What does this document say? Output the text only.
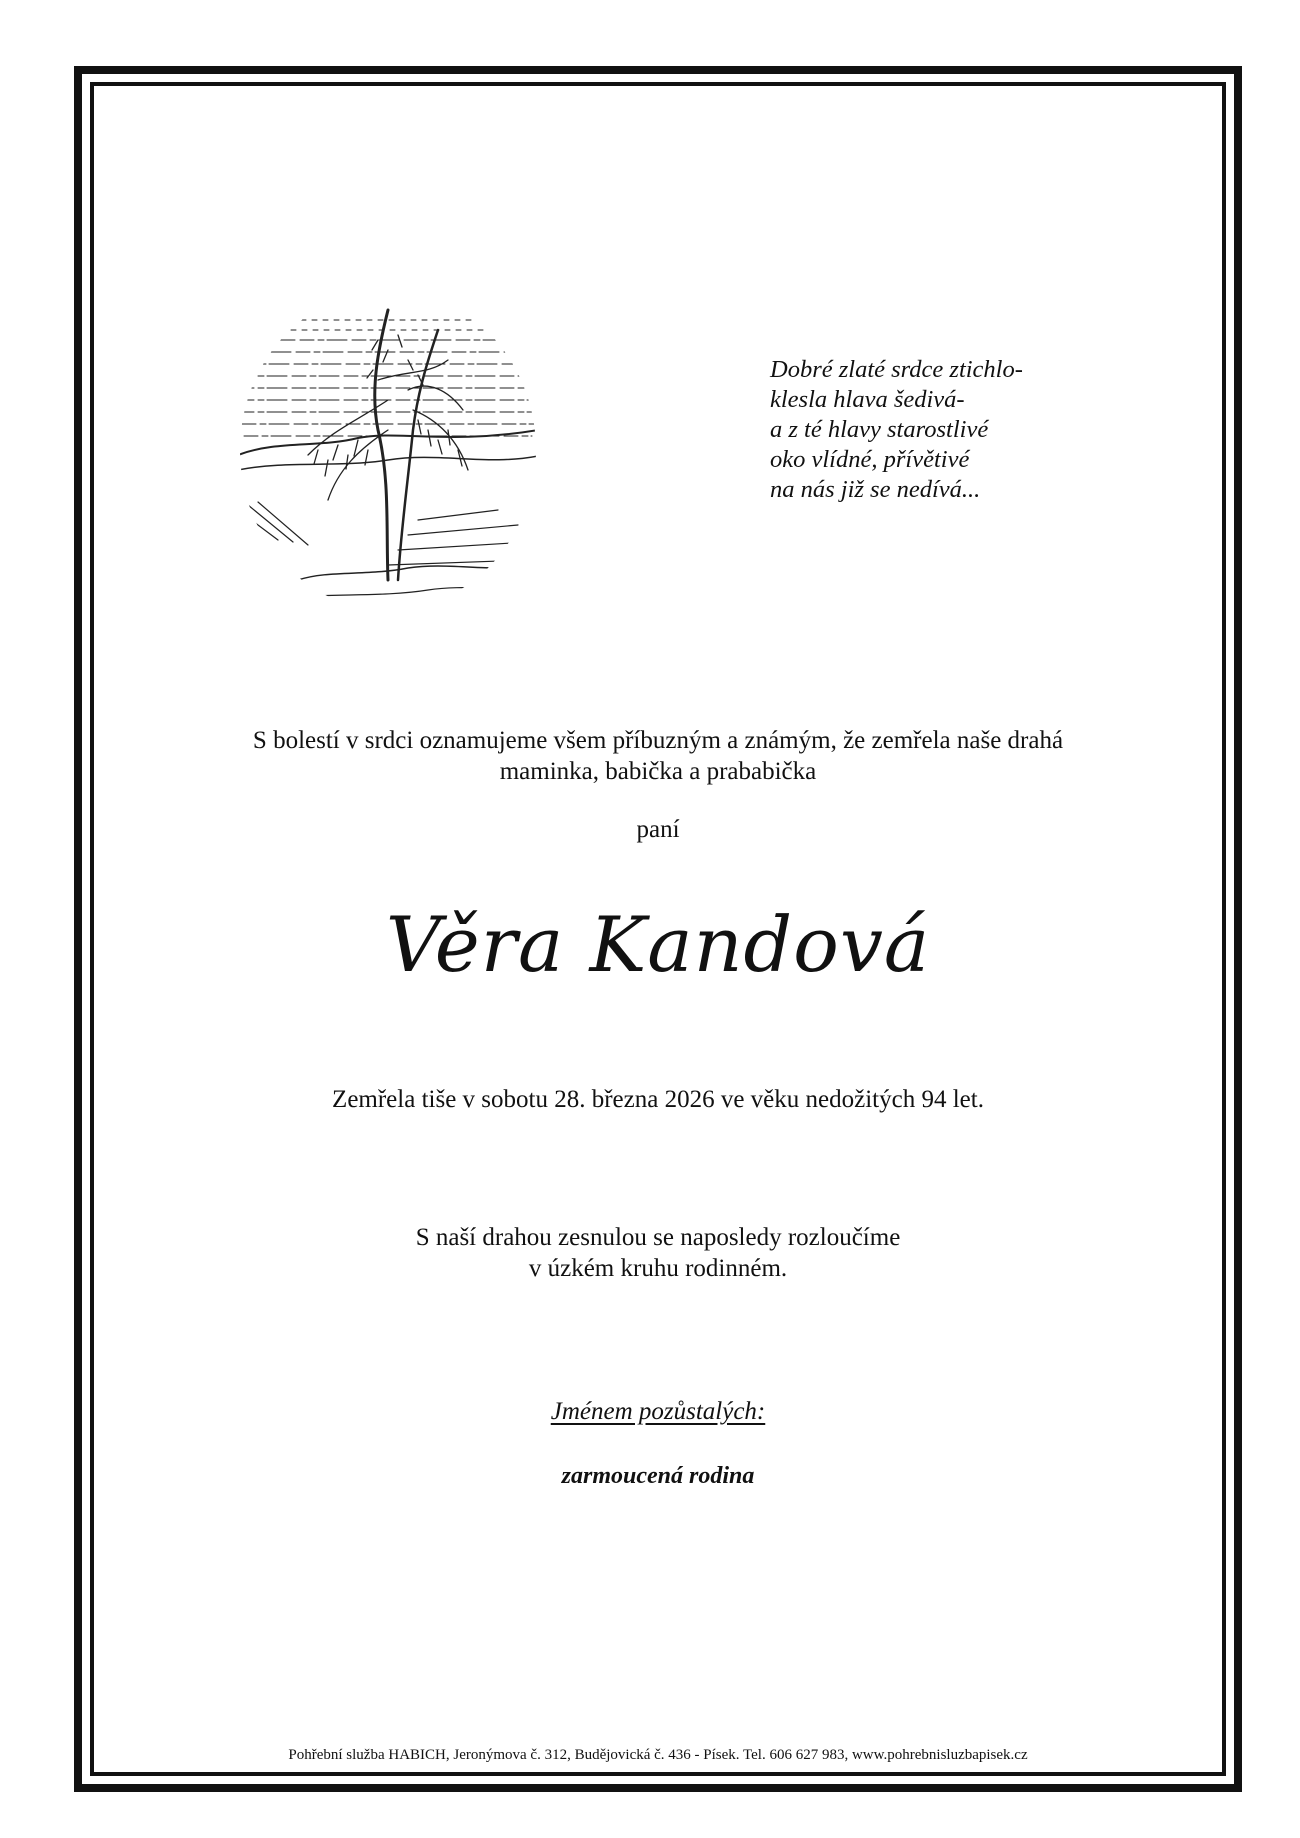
Dobré zlaté srdce ztichlo-
klesla hlava šedivá-
a z té hlavy starostlivé
oko vlídné, přívětivé
na nás již se nedívá...
S bolestí v srdci oznamujeme všem příbuzným a známým, že zemřela naše drahá
maminka, babička a prababička
paní
Věra Kandová
Zemřela tiše v sobotu 28. března 2026 ve věku nedožitých 94 let.
S naší drahou zesnulou se naposledy rozloučíme
v úzkém kruhu rodinném.
Jménem pozůstalých:
zarmoucená rodina
Pohřební služba HABICH, Jeronýmova č. 312, Budějovická č. 436 - Písek. Tel. 606 627 983, www.pohrebnisluzbapisek.cz
